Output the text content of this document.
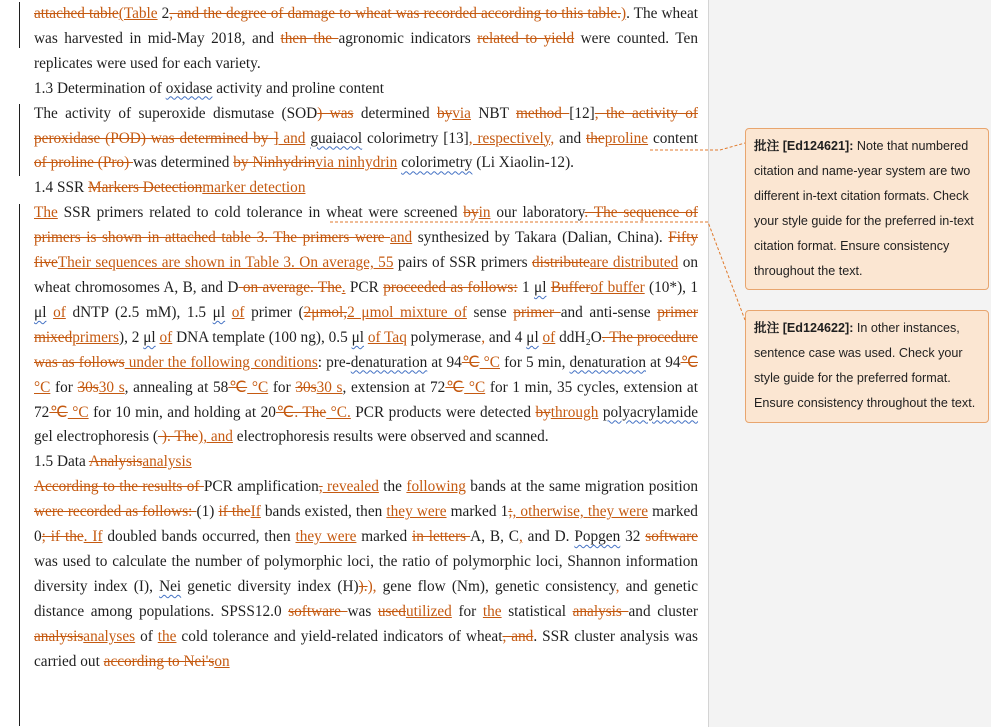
attached table(Table 2, and the degree of damage to wheat was recorded according to this table.). The wheat was harvested in mid-May 2018, and then the agronomic indicators related to yield were counted. Ten replicates were used for each variety.

1.3 Determination of oxidase activity and proline content

The activity of superoxide dismutase (SOD) was determined byvia NBT method [12], the activity of peroxidase (POD) was determined by ] and guaiacol colorimetry [13], respectively, and theproline content of proline (Pro) was determined by Ninhydrinvia ninhydrin colorimetry (Li Xiaolin-12).

1.4 SSR Markers Detectionmarker detection

The SSR primers related to cold tolerance in wheat were screened byin our laboratory. The sequence of primers is shown in attached table 3. The primers were and synthesized by Takara (Dalian, China). Fifty fiveTheir sequences are shown in Table 3. On average, 55 pairs of SSR primers distributeare distributed on wheat chromosomes A, B, and D on average. The. PCR proceeded as follows: 1 μl Bufferof buffer (10*), 1 μl of dNTP (2.5 mM), 1.5 μl of primer (2μmol,2 μmol mixture of sense primer and anti-sense primer mixedprimers), 2 μl of DNA template (100 ng), 0.5 μl of Taq polymerase, and 4 μl of ddH₂O. The procedure was as follows under the following conditions: pre-denaturation at 94℃ °C for 5 min, denaturation at 94℃ °C for 30s30 s, annealing at 58℃ °C for 30s30 s, extension at 72℃ °C for 1 min, 35 cycles, extension at 72℃ °C for 10 min, and holding at 20℃. The °C. PCR products were detected bythrough polyacrylamide gel electrophoresis ( ). The), and electrophoresis results were observed and scanned.

1.5 Data Analysisanalysis

According to the results of PCR amplification, revealed the following bands at the same migration position were recorded as follows: (1) if theIf bands existed, then they were marked 1;, otherwise, they were marked 0; if the. If doubled bands occurred, then they were marked in letters A, B, C, and D. Popgen 32 software was used to calculate the number of polymorphic loci, the ratio of polymorphic loci, Shannon information diversity index (I), Nei genetic diversity index (H)).), gene flow (Nm), genetic consistency, and genetic distance among populations. SPSS12.0 software was usedutilized for the statistical analysis and cluster analysisanalyses of the cold tolerance and yield-related indicators of wheat, and. SSR cluster analysis was carried out according to Nei'son

批注 [Ed124621]: Note that numbered citation and name-year system are two different in-text citation formats. Check your style guide for the preferred in-text citation format. Ensure consistency throughout the text.
批注 [Ed124622]: In other instances, sentence case was used. Check your style guide for the preferred format. Ensure consistency throughout the text.
